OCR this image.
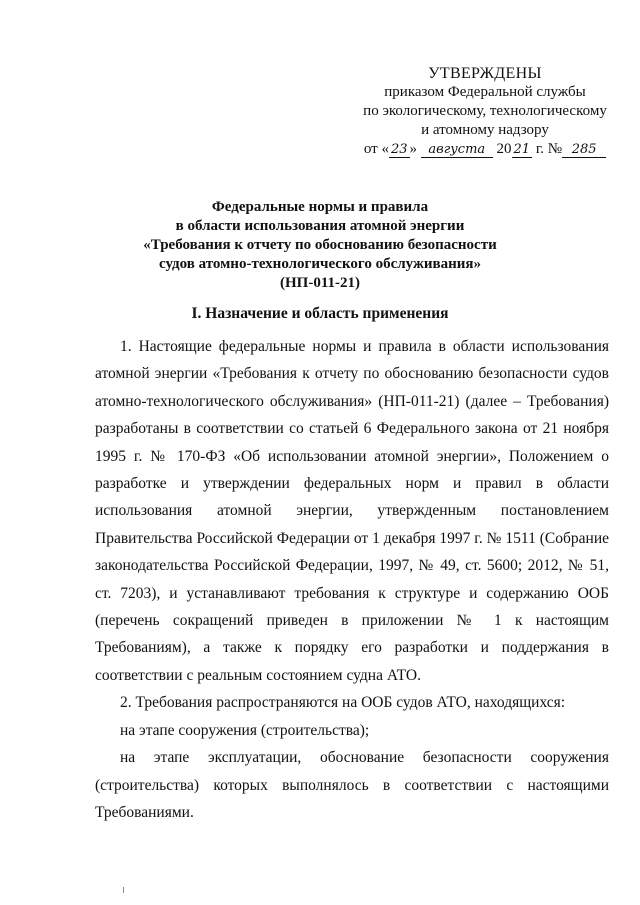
УТВЕРЖДЕНЫ
приказом Федеральной службы
по экологическому, технологическому
и атомному надзору
от « 23 » августа 20 21 г. № 285
Федеральные нормы и правила
в области использования атомной энергии
«Требования к отчету по обоснованию безопасности
судов атомно-технологического обслуживания»
(НП-011-21)
I. Назначение и область применения

1. Настоящие федеральные нормы и правила в области использования атомной энергии «Требования к отчету по обоснованию безопасности судов атомно-технологического обслуживания» (НП-011-21) (далее – Требования) разработаны в соответствии со статьей 6 Федерального закона от 21 ноября 1995 г. № 170-ФЗ «Об использовании атомной энергии», Положением о разработке и утверждении федеральных норм и правил в области использования атомной энергии, утвержденным постановлением Правительства Российской Федерации от 1 декабря 1997 г. № 1511 (Собрание законодательства Российской Федерации, 1997, № 49, ст. 5600; 2012, № 51, ст. 7203), и устанавливают требования к структуре и содержанию ООБ (перечень сокращений приведен в приложении № 1 к настоящим Требованиям), а также к порядку его разработки и поддержания в соответствии с реальным состоянием судна АТО.

2. Требования распространяются на ООБ судов АТО, находящихся:

на этапе сооружения (строительства);

на этапе эксплуатации, обоснование безопасности сооружения (строительства) которых выполнялось в соответствии с настоящими Требованиями.
